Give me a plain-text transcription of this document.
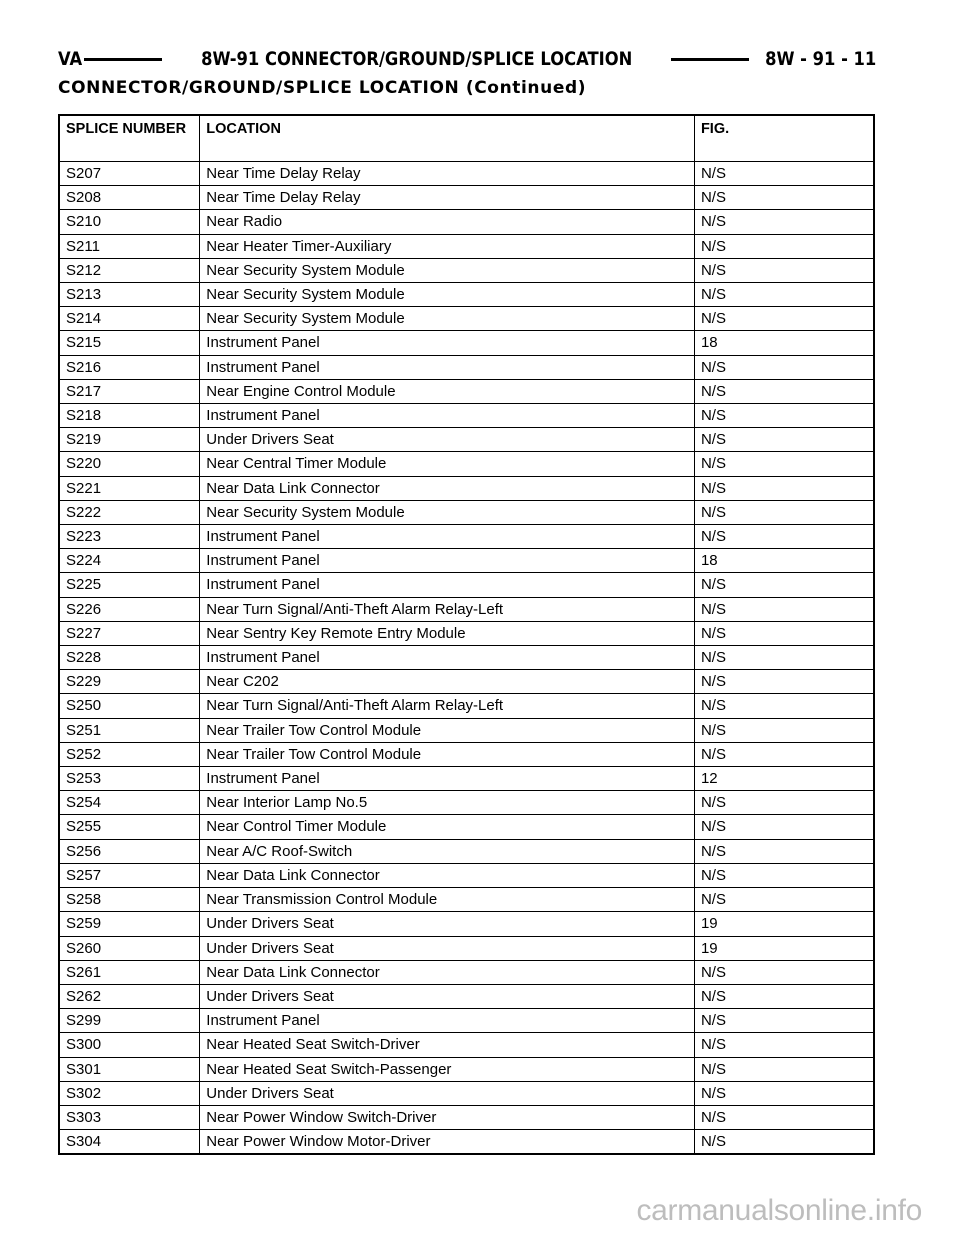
VA	8W-91 CONNECTOR/GROUND/SPLICE LOCATION	8W - 91 - 11
CONNECTOR/GROUND/SPLICE LOCATION (Continued)
SPLICE NUMBER	LOCATION	FIG.
S207	Near Time Delay Relay	N/S
S208	Near Time Delay Relay	N/S
S210	Near Radio	N/S
S211	Near Heater Timer-Auxiliary	N/S
S212	Near Security System Module	N/S
S213	Near Security System Module	N/S
S214	Near Security System Module	N/S
S215	Instrument Panel	18
S216	Instrument Panel	N/S
S217	Near Engine Control Module	N/S
S218	Instrument Panel	N/S
S219	Under Drivers Seat	N/S
S220	Near Central Timer Module	N/S
S221	Near Data Link Connector	N/S
S222	Near Security System Module	N/S
S223	Instrument Panel	N/S
S224	Instrument Panel	18
S225	Instrument Panel	N/S
S226	Near Turn Signal/Anti-Theft Alarm Relay-Left	N/S
S227	Near Sentry Key Remote Entry Module	N/S
S228	Instrument Panel	N/S
S229	Near C202	N/S
S250	Near Turn Signal/Anti-Theft Alarm Relay-Left	N/S
S251	Near Trailer Tow Control Module	N/S
S252	Near Trailer Tow Control Module	N/S
S253	Instrument Panel	12
S254	Near Interior Lamp No.5	N/S
S255	Near Control Timer Module	N/S
S256	Near A/C Roof-Switch	N/S
S257	Near Data Link Connector	N/S
S258	Near Transmission Control Module	N/S
S259	Under Drivers Seat	19
S260	Under Drivers Seat	19
S261	Near Data Link Connector	N/S
S262	Under Drivers Seat	N/S
S299	Instrument Panel	N/S
S300	Near Heated Seat Switch-Driver	N/S
S301	Near Heated Seat Switch-Passenger	N/S
S302	Under Drivers Seat	N/S
S303	Near Power Window Switch-Driver	N/S
S304	Near Power Window Motor-Driver	N/S
carmanualsonline.info
